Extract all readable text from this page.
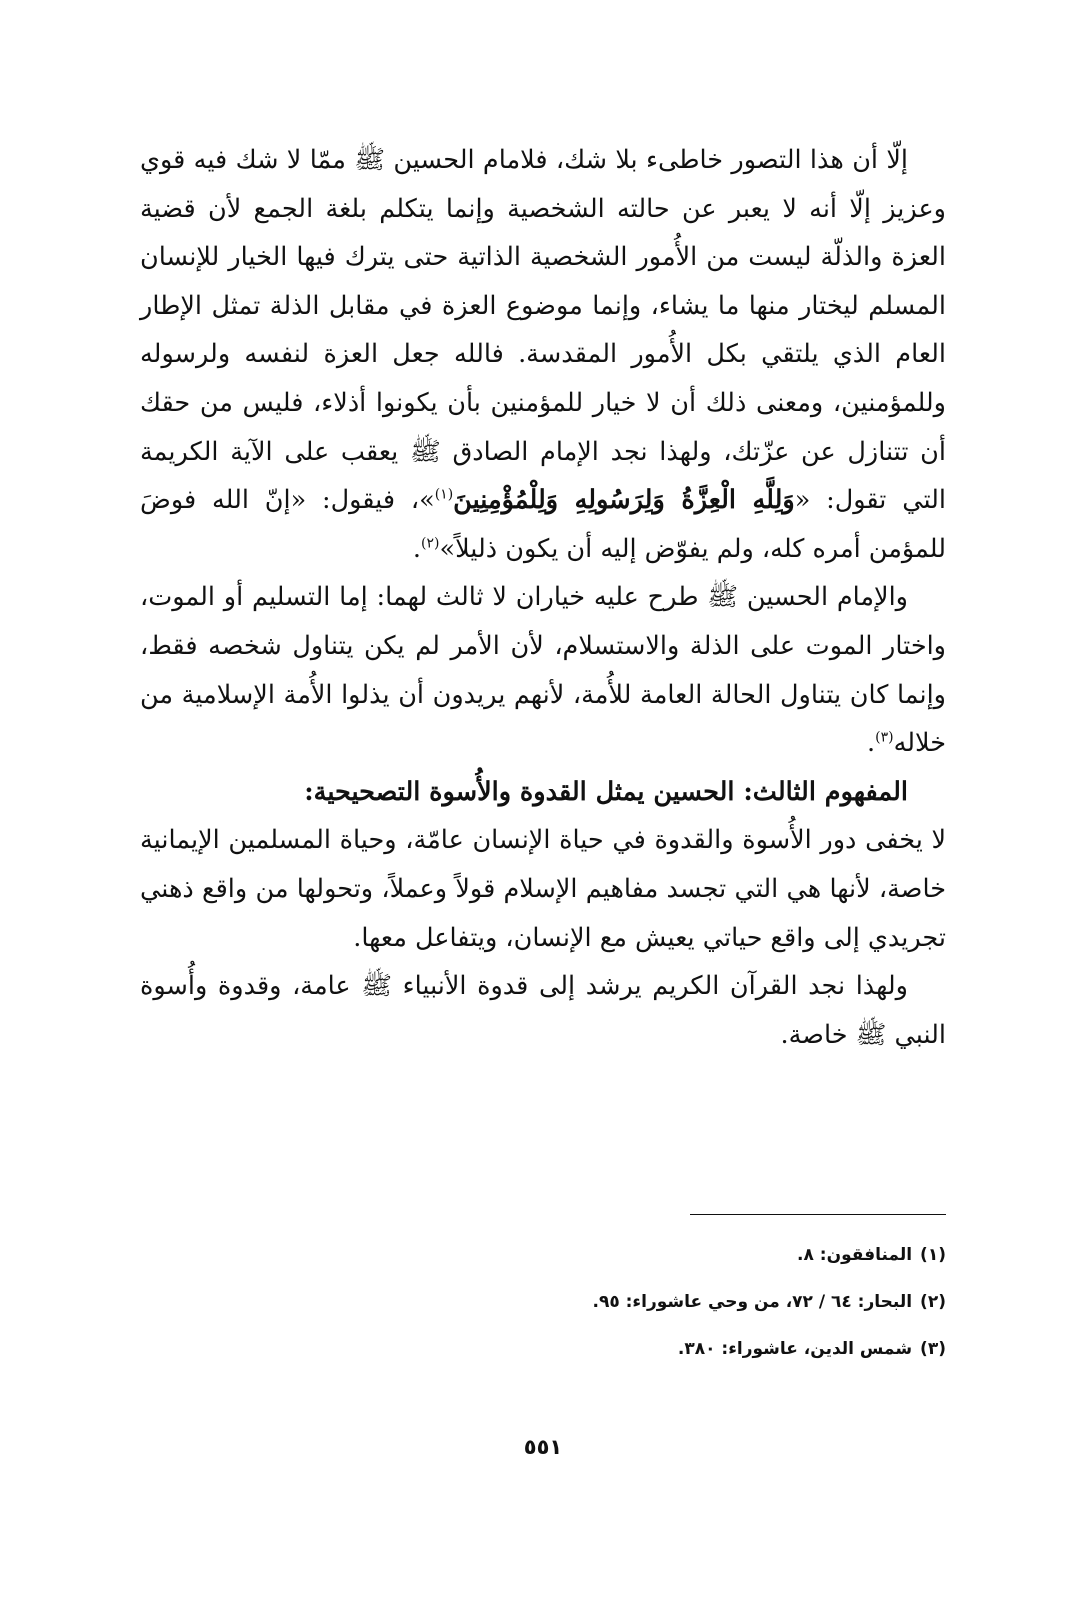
إلّا أن هذا التصور خاطىء بلا شك، فلامام الحسين ﷺ ممّا لا شك فيه قوي وعزيز إلّا أنه لا يعبر عن حالته الشخصية وإنما يتكلم بلغة الجمع لأن قضية العزة والذلّة ليست من الأُمور الشخصية الذاتية حتى يترك فيها الخيار للإنسان المسلم ليختار منها ما يشاء، وإنما موضوع العزة في مقابل الذلة تمثل الإطار العام الذي يلتقي بكل الأُمور المقدسة. فالله جعل العزة لنفسه ولرسوله وللمؤمنين، ومعنى ذلك أن لا خيار للمؤمنين بأن يكونوا أذلاء، فليس من حقك أن تتنازل عن عزّتك، ولهذا نجد الإمام الصادق ﷺ يعقب على الآية الكريمة التي تقول: «وَلِلَّهِ الْعِزَّةُ وَلِرَسُولِهِ وَلِلْمُؤْمِنِينَ$^{(١)}$»، فيقول: «إنّ الله فوضَ للمؤمن أمره كله، ولم يفوّض إليه أن يكون ذليلاً»$^{(٢)}$.

والإمام الحسين ﷺ طرح عليه خياران لا ثالث لهما: إما التسليم أو الموت، واختار الموت على الذلة والاستسلام، لأن الأمر لم يكن يتناول شخصه فقط، وإنما كان يتناول الحالة العامة للأُمة، لأنهم يريدون أن يذلوا الأُمة الإسلامية من خلاله$^{(٣)}$.

المفهوم الثالث: الحسين يمثل القدوة والأُسوة التصحيحية:

لا يخفى دور الأُسوة والقدوة في حياة الإنسان عامّة، وحياة المسلمين الإيمانية خاصة، لأنها هي التي تجسد مفاهيم الإسلام قولاً وعملاً، وتحولها من واقع ذهني تجريدي إلى واقع حياتي يعيش مع الإنسان، ويتفاعل معها.

ولهذا نجد القرآن الكريم يرشد إلى قدوة الأنبياء ﷺ عامة، وقدوة وأُسوة النبي ﷺ خاصة.

(١)المنافقون: ٨.

(٢)البحار: ٦٤ / ٧٢، من وحي عاشوراء: ٩٥.

(٣)شمس الدين، عاشوراء: ٣٨٠.

٥٥١
